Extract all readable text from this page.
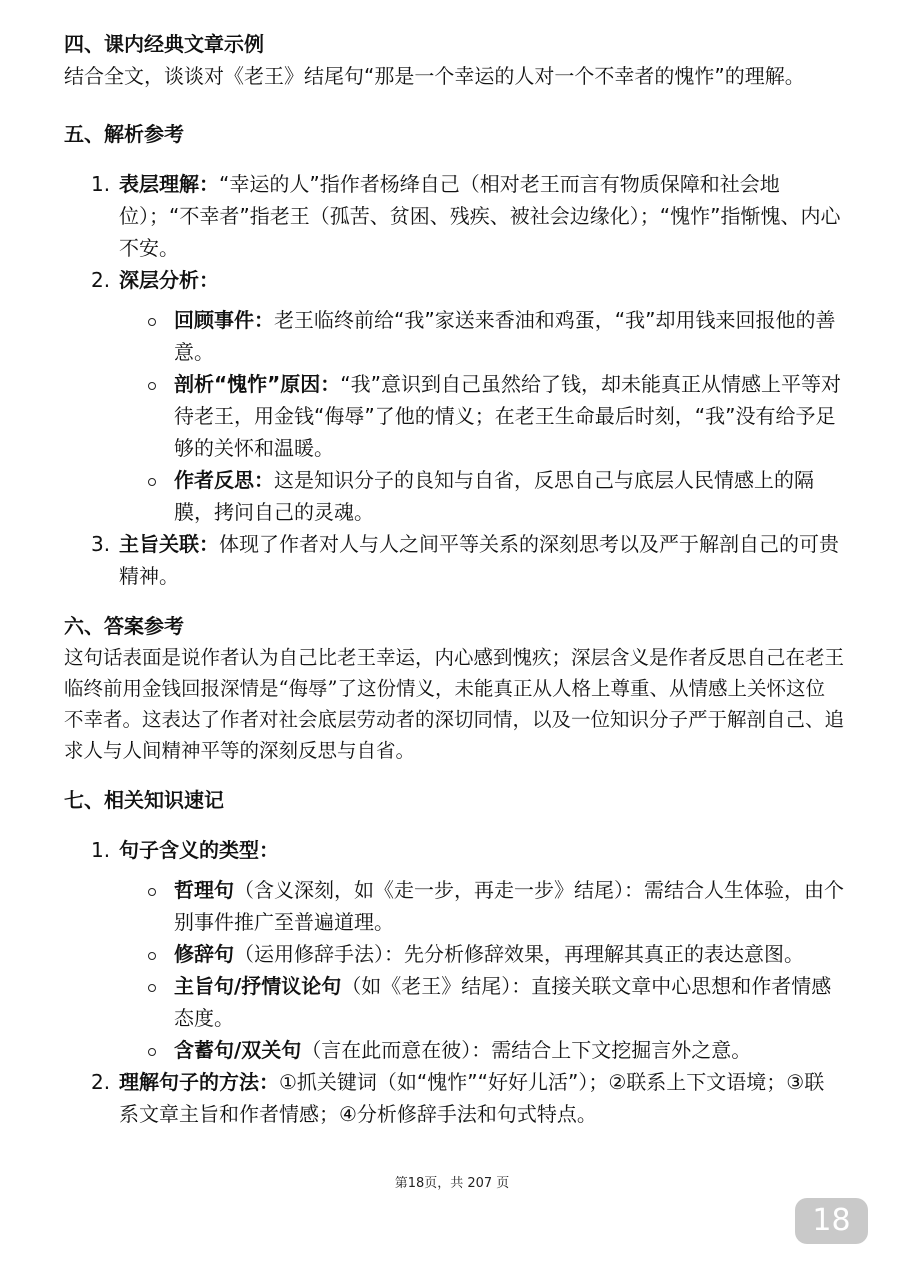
四、课内经典文章示例

结合全文，谈谈对《老王》结尾句“那是一个幸运的人对一个不幸者的愧怍”的理解。

五、解析参考

1. 表层理解：“幸运的人”指作者杨绛自己（相对老王而言有物质保障和社会地位）；“不幸者”指老王（孤苦、贫困、残疾、被社会边缘化）；“愧怍”指惭愧、内心不安。
2. 深层分析：
回顾事件：老王临终前给“我”家送来香油和鸡蛋，“我”却用钱来回报他的善意。
剖析“愧怍”原因：“我”意识到自己虽然给了钱，却未能真正从情感上平等对待老王，用金钱“侮辱”了他的情义；在老王生命最后时刻，“我”没有给予足够的关怀和温暖。
作者反思：这是知识分子的良知与自省，反思自己与底层人民情感上的隔膜，拷问自己的灵魂。
3. 主旨关联：体现了作者对人与人之间平等关系的深刻思考以及严于解剖自己的可贵精神。

六、答案参考

这句话表面是说作者认为自己比老王幸运，内心感到愧疚；深层含义是作者反思自己在老王临终前用金钱回报深情是“侮辱”了这份情义，未能真正从人格上尊重、从情感上关怀这位不幸者。这表达了作者对社会底层劳动者的深切同情，以及一位知识分子严于解剖自己、追求人与人间精神平等的深刻反思与自省。

七、相关知识速记

1. 句子含义的类型：
哲理句（含义深刻，如《走一步，再走一步》结尾）：需结合人生体验，由个别事件推广至普遍道理。
修辞句（运用修辞手法）：先分析修辞效果，再理解其真正的表达意图。
主旨句/抒情议论句（如《老王》结尾）：直接关联文章中心思想和作者情感态度。
含蓄句/双关句（言在此而意在彼）：需结合上下文挖掘言外之意。
2. 理解句子的方法：①抓关键词（如“愧怍”“好好儿活”）；②联系上下文语境；③联系文章主旨和作者情感；④分析修辞手法和句式特点。
第18页，共 207 页
18
